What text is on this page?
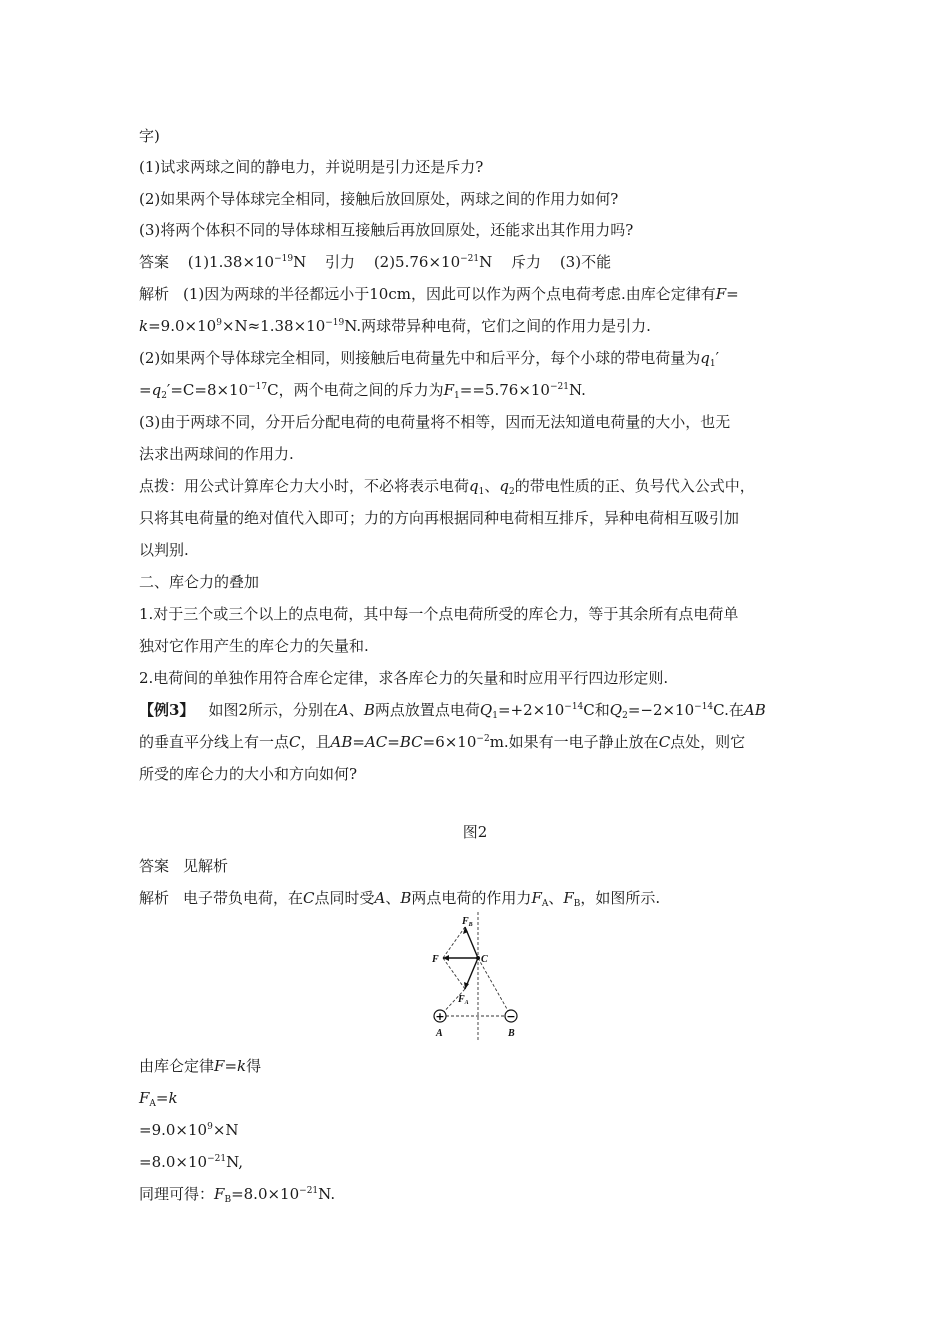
字)
(1)试求两球之间的静电力，并说明是引力还是斥力?
(2)如果两个导体球完全相同，接触后放回原处，两球之间的作用力如何?
(3)将两个体积不同的导体球相互接触后再放回原处，还能求出其作用力吗?
答案 $(1)1.38\times 10^{-19}N$ 引力 $(2)5.76\times 10^{-21}N$ 斥力 (3)不能
解析 (1)因为两球的半径都远小于10cm，因此可以作为两个点电荷考虑.由库仑定律有F=
$k=9.0\times 10^9\times N\approx 1.38\times 10^{-19}N$.两球带异种电荷，它们之间的作用力是引力.
(2)如果两个导体球完全相同，则接触后电荷量先中和后平分，每个小球的带电荷量为$q_1'$
$=q_2'=C=8\times 10^{-17}C$，两个电荷之间的斥力为$F_1==5.76\times 10^{-21}N$.
(3)由于两球不同，分开后分配电荷的电荷量将不相等，因而无法知道电荷量的大小，也无
法求出两球间的作用力.
点拨：用公式计算库仑力大小时，不必将表示电荷$q_1$、$q_2$的带电性质的正、负号代入公式中，
只将其电荷量的绝对值代入即可；力的方向再根据同种电荷相互排斥，异种电荷相互吸引加
以判别.
二、库仑力的叠加
1.对于三个或三个以上的点电荷，其中每一个点电荷所受的库仑力，等于其余所有点电荷单
独对它作用产生的库仑力的矢量和.
2.电荷间的单独作用符合库仑定律，求各库仑力的矢量和时应用平行四边形定则.
【例3】 如图2所示，分别在A、B两点放置点电荷$Q_1=+2\times 10^{-14}C$和$Q_2=-2\times 10^{-14}C$.在AB
的垂直平分线上有一点C，且$AB=AC=BC=6\times 10^{-2}m$.如果有一电子静止放在C点处，则它
所受的库仑力的大小和方向如何?
图2
答案 见解析
解析 电子带负电荷，在C点同时受A、B两点电荷的作用力$F_A$、$F_B$，如图所示.
+	−
$F_B$
F	C
$F_A$
A	B
由库仑定律F=k得
$F_A=k$
$=9.0\times 10^9\times N$
$=8.0\times 10^{-21}N$,
同理可得：$F_B=8.0\times 10^{-21}N$.
